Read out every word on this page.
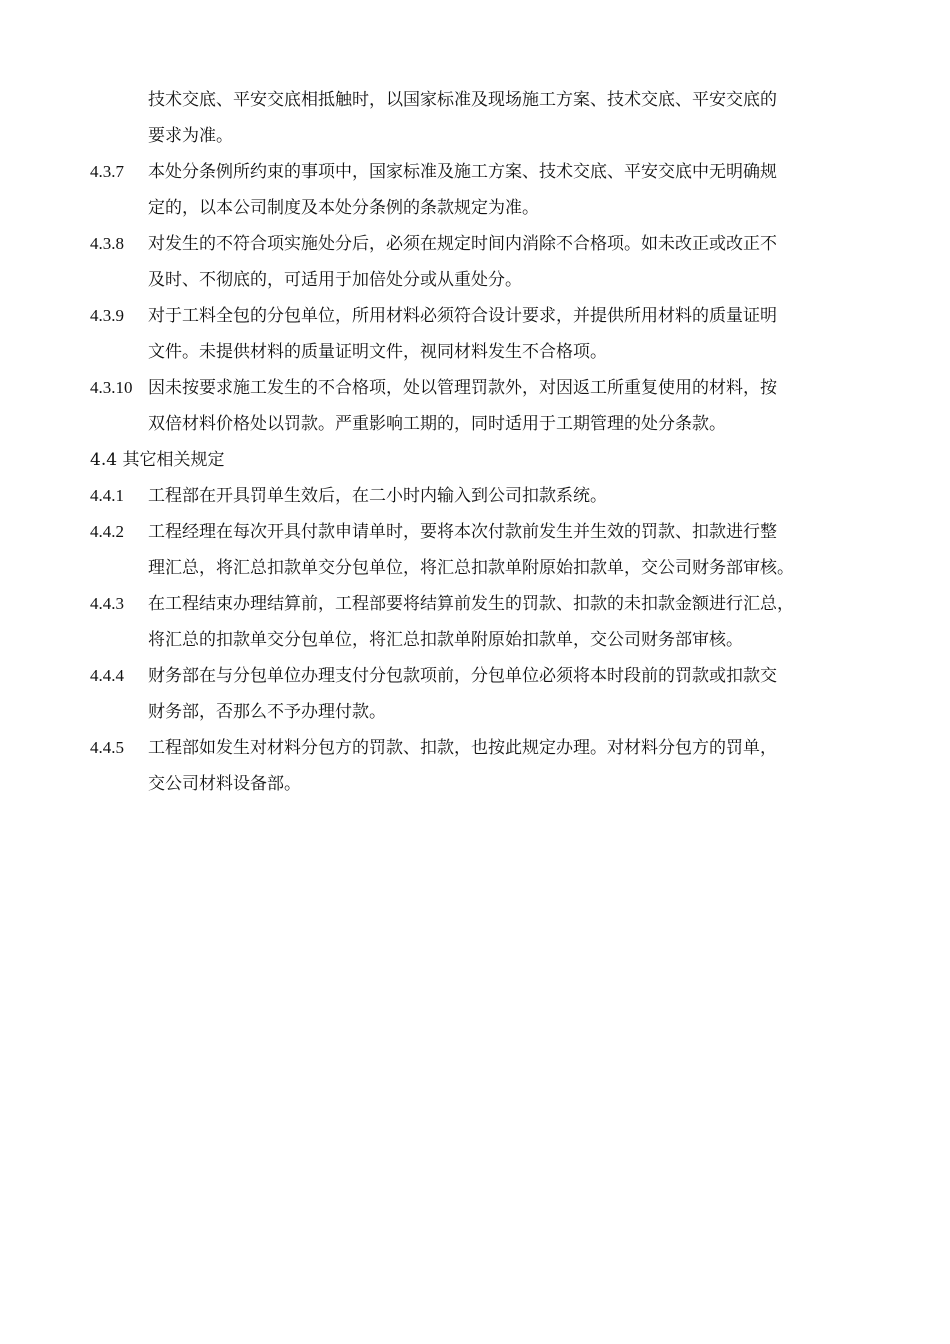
技术交底、平安交底相抵触时，以国家标准及现场施工方案、技术交底、平安交底的
要求为准。
4.3.7	本处分条例所约束的事项中，国家标准及施工方案、技术交底、平安交底中无明确规
定的，以本公司制度及本处分条例的条款规定为准。
4.3.8	对发生的不符合项实施处分后，必须在规定时间内消除不合格项。如未改正或改正不
及时、不彻底的，可适用于加倍处分或从重处分。
4.3.9	对于工料全包的分包单位，所用材料必须符合设计要求，并提供所用材料的质量证明
文件。未提供材料的质量证明文件，视同材料发生不合格项。
4.3.10 因未按要求施工发生的不合格项，处以管理罚款外，对因返工所重复使用的材料，按
双倍材料价格处以罚款。严重影响工期的，同时适用于工期管理的处分条款。
4.4 其它相关规定
4.4.1	工程部在开具罚单生效后，在二小时内输入到公司扣款系统。
4.4.2	工程经理在每次开具付款申请单时，要将本次付款前发生并生效的罚款、扣款进行整
理汇总，将汇总扣款单交分包单位，将汇总扣款单附原始扣款单，交公司财务部审核。
4.4.3	在工程结束办理结算前，工程部要将结算前发生的罚款、扣款的未扣款金额进行汇总，
将汇总的扣款单交分包单位，将汇总扣款单附原始扣款单，交公司财务部审核。
4.4.4	财务部在与分包单位办理支付分包款项前，分包单位必须将本时段前的罚款或扣款交
财务部，否那么不予办理付款。
4.4.5	工程部如发生对材料分包方的罚款、扣款，也按此规定办理。对材料分包方的罚单，
交公司材料设备部。
